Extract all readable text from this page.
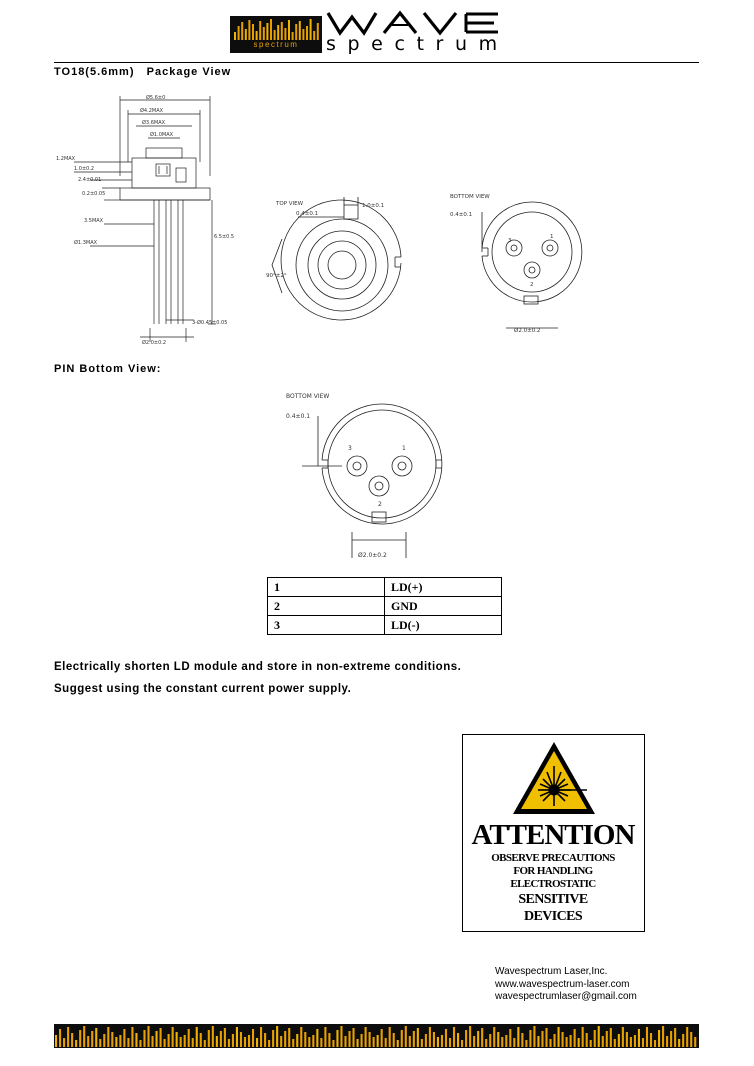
spectrum	spectrum
TO18(5.6mm)   Package View
Ø5.6±0
Ø4.2MAX
Ø3.6MAX
Ø1.0MAX
1.2MAX
1.0±0.2
2.4±0.01
0.2±0.05
3.5MAX
Ø1.3MAX
6.5±0.5
3-Ø0.45±0.05
Ø2.0±0.2
TOP VIEW
0.4±0.1
1.0±0.1
90°±2°
BOTTOM VIEW
0.4±0.1
3
1
2
Ø2.0±0.2
PIN Bottom View:
BOTTOM VIEW
0.4±0.1
1
2
3
Ø2.0±0.2
1	LD(+)
2	GND
3	LD(-)
Electrically shorten LD module and store in non-extreme conditions.
Suggest using the constant current power supply.
ATTENTION
OBSERVE PRECAUTIONS
FOR HANDLING
ELECTROSTATIC
SENSITIVE
DEVICES
Wavespectrum Laser,Inc.
www.wavespectrum-laser.com
wavespectrumlaser@gmail.com
